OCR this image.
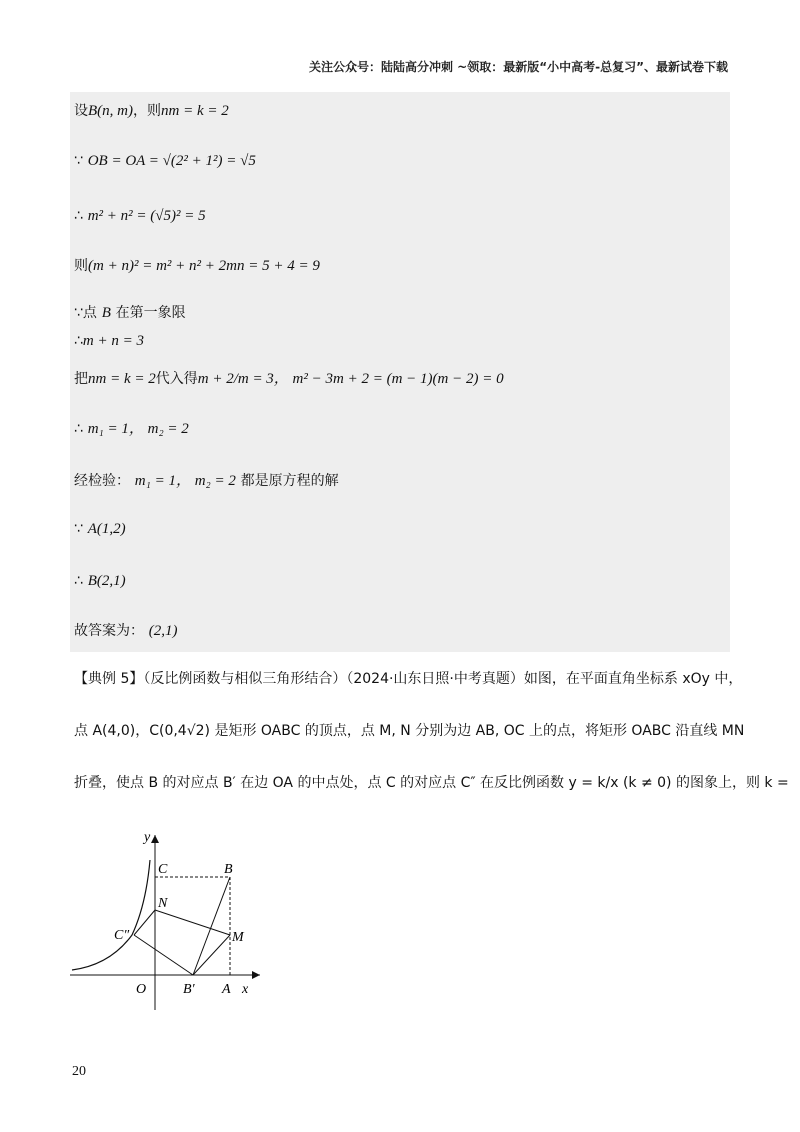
关注公众号：陆陆高分冲刺 ~领取：最新版“小中高考-总复习”、最新试卷下载
设B(n, m)，则nm = k = 2
∵ OB = OA = √(2² + 1²) = √5
∴ m² + n² = (√5)² = 5
则(m + n)² = m² + n² + 2mn = 5 + 4 = 9
∵点 B 在第一象限
∴m + n = 3
把nm = k = 2代入得m + 2/m = 3， m² − 3m + 2 = (m − 1)(m − 2) = 0
∴ m₁ = 1， m₂ = 2
经检验： m₁ = 1， m₂ = 2 都是原方程的解
∵ A(1,2)
∴ B(2,1)
故答案为： (2,1)
【典例 5】（反比例函数与相似三角形结合）（2024·山东日照·中考真题）如图，在平面直角坐标系 xOy 中，
点 A(4,0)，C(0,4√2) 是矩形 OABC 的顶点，点 M, N 分别为边 AB, OC 上的点，将矩形 OABC 沿直线 MN
折叠，使点 B 的对应点 B′ 在边 OA 的中点处，点 C 的对应点 C″ 在反比例函数 y = k/x (k ≠ 0) 的图象上，则 k =
y
x
O	A
B
C
N
M
C″
B′
20
